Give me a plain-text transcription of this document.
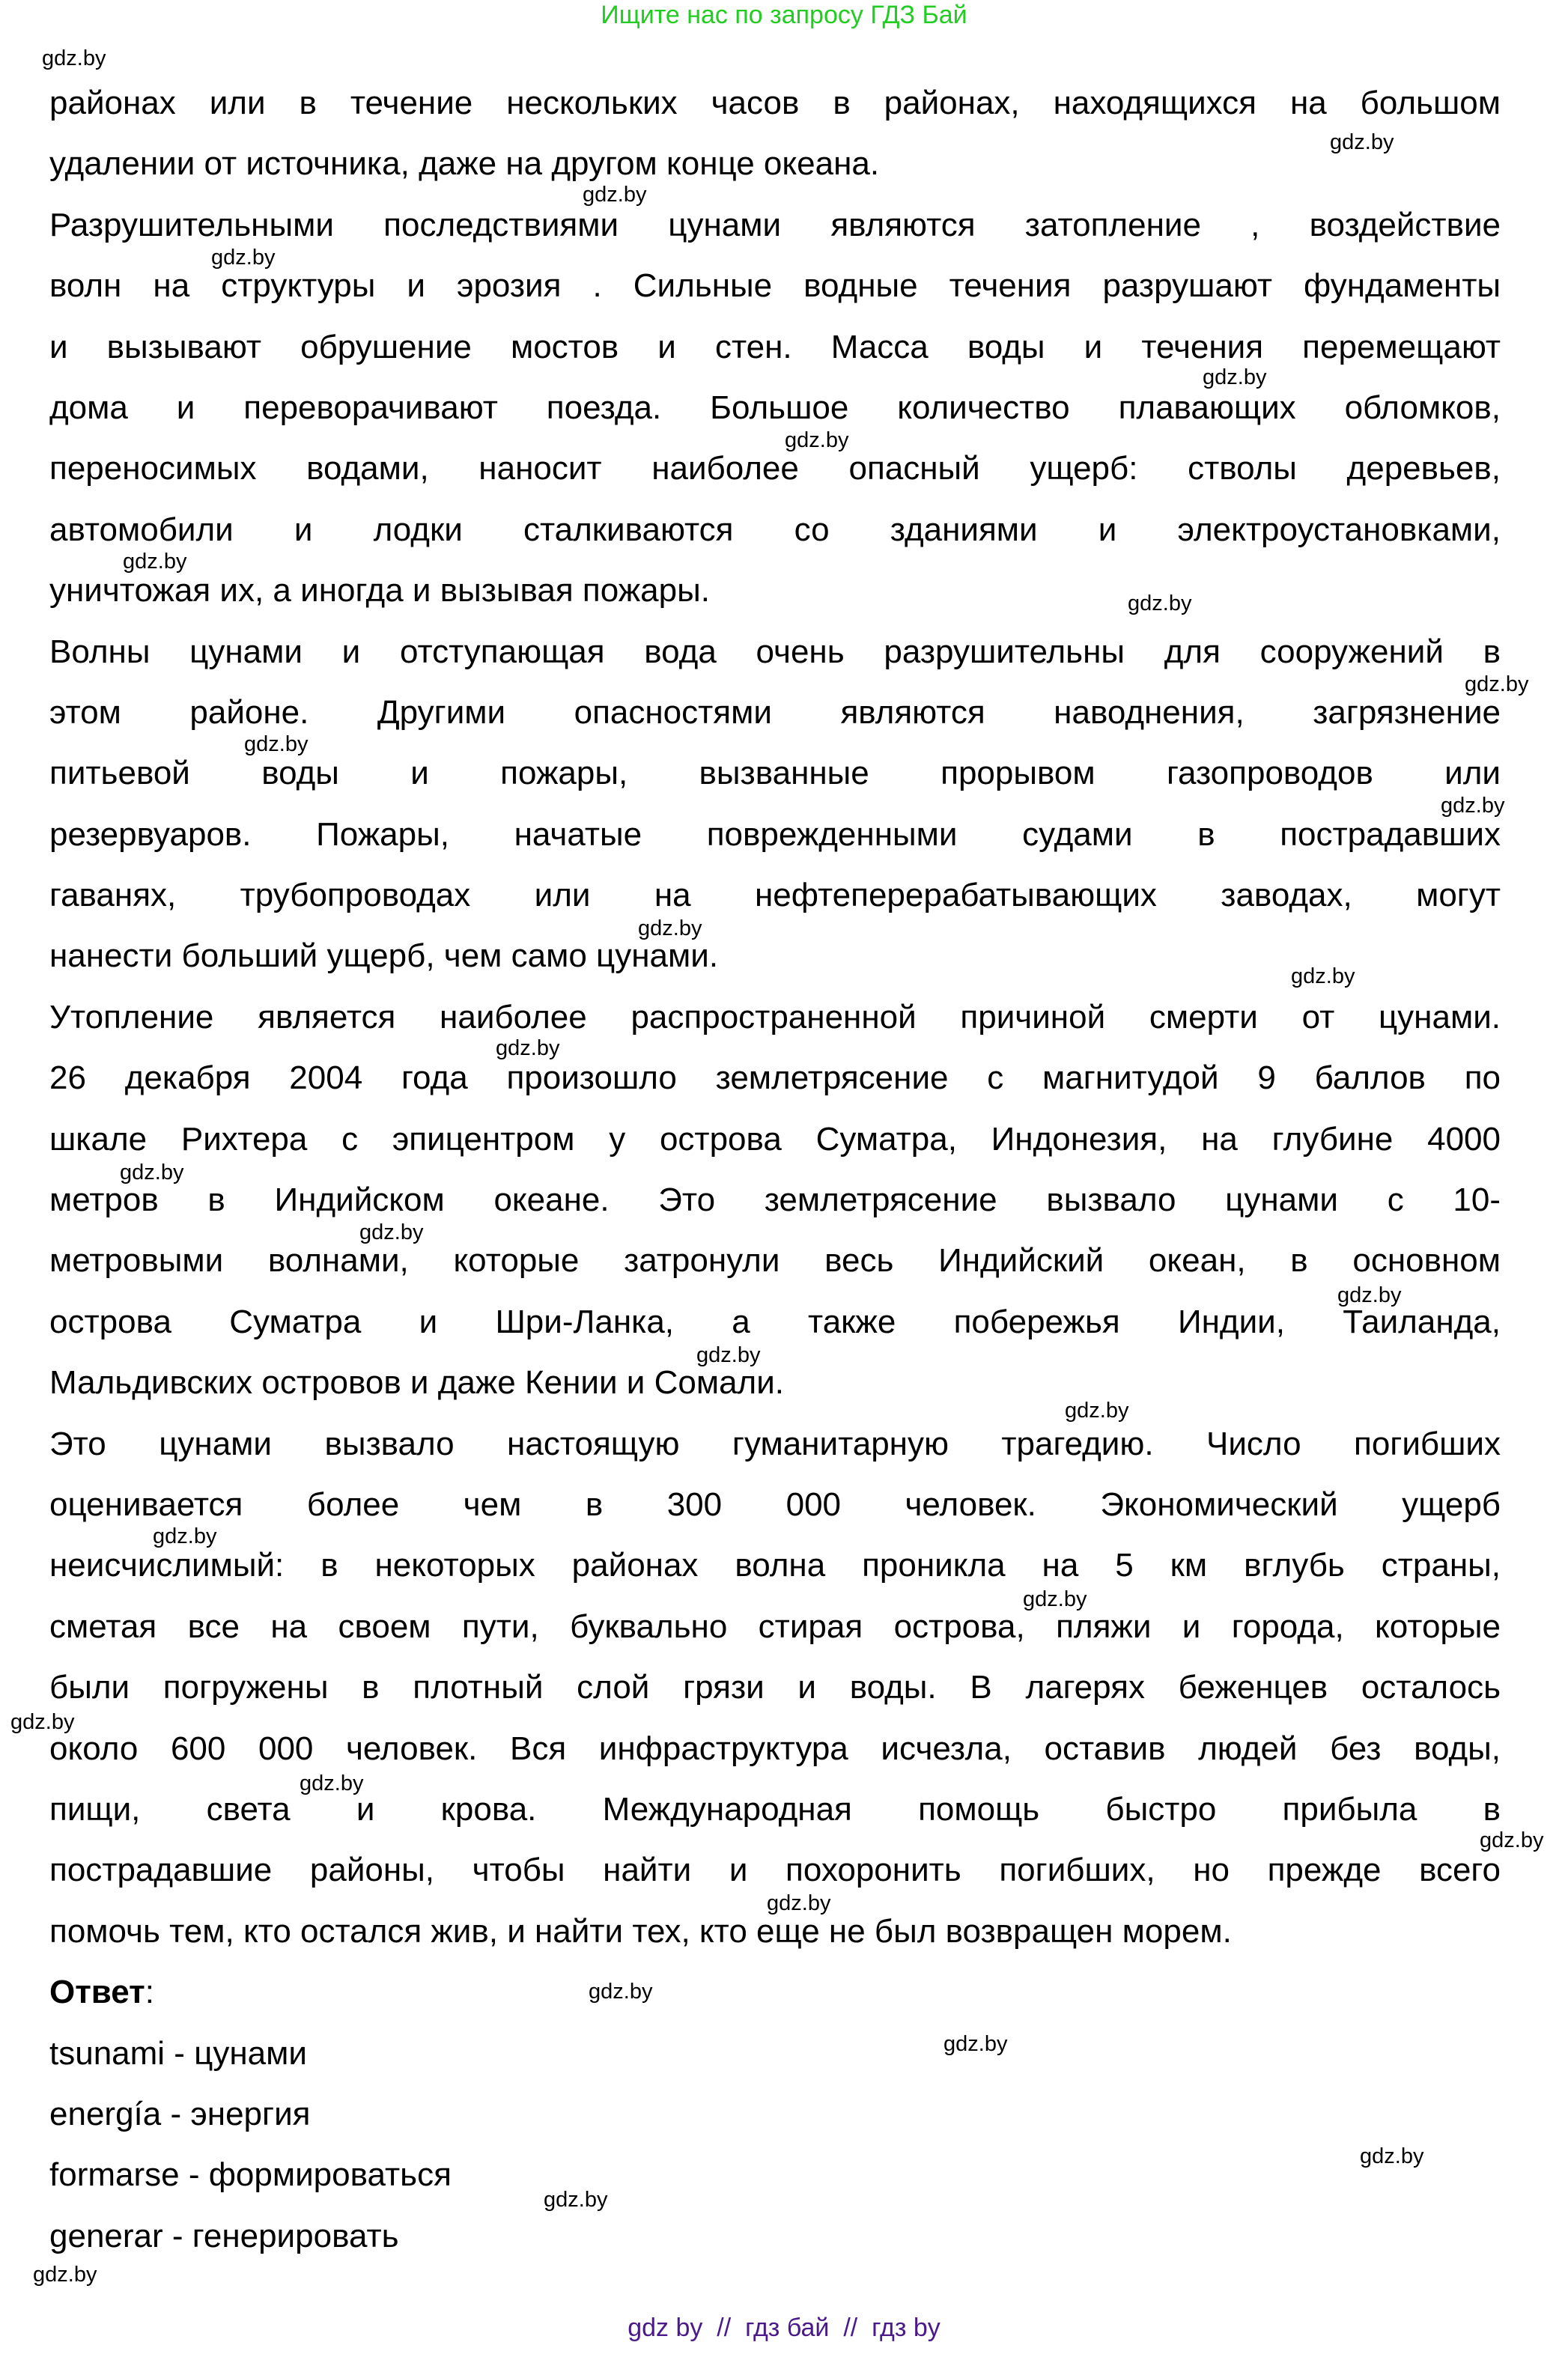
Ищите нас по запросу ГДЗ Бай
районах или в течение нескольких часов в районах, находящихся на большом
удалении от источника, даже на другом конце океана.
Разрушительными последствиями цунами являются затопление , воздействие
волн на структуры и эрозия . Сильные водные течения разрушают фундаменты
и вызывают обрушение мостов и стен. Масса воды и течения перемещают
дома и переворачивают поезда. Большое количество плавающих обломков,
переносимых водами, наносит наиболее опасный ущерб: стволы деревьев,
автомобили и лодки сталкиваются со зданиями и электроустановками,
уничтожая их, а иногда и вызывая пожары.
Волны цунами и отступающая вода очень разрушительны для сооружений в
этом районе. Другими опасностями являются наводнения, загрязнение
питьевой воды и пожары, вызванные прорывом газопроводов или
резервуаров. Пожары, начатые поврежденными судами в пострадавших
гаванях, трубопроводах или на нефтеперерабатывающих заводах, могут
нанести больший ущерб, чем само цунами.
Утопление является наиболее распространенной причиной смерти от цунами.
26 декабря 2004 года произошло землетрясение с магнитудой 9 баллов по
шкале Рихтера с эпицентром у острова Суматра, Индонезия, на глубине 4000
метров в Индийском океане. Это землетрясение вызвало цунами с 10-
метровыми волнами, которые затронули весь Индийский океан, в основном
острова Суматра и Шри-Ланка, а также побережья Индии, Таиланда,
Мальдивских островов и даже Кении и Сомали.
Это цунами вызвало настоящую гуманитарную трагедию. Число погибших
оценивается более чем в 300 000 человек. Экономический ущерб
неисчислимый: в некоторых районах волна проникла на 5 км вглубь страны,
сметая все на своем пути, буквально стирая острова, пляжи и города, которые
были погружены в плотный слой грязи и воды. В лагерях беженцев осталось
около 600 000 человек. Вся инфраструктура исчезла, оставив людей без воды,
пищи, света и крова. Международная помощь быстро прибыла в
пострадавшие районы, чтобы найти и похоронить погибших, но прежде всего
помочь тем, кто остался жив, и найти тех, кто еще не был возвращен морем.
Ответ:
tsunami - цунами
energía - энергия
formarse - формироваться
generar - генерировать
gdz.by
gdz.by
gdz.by
gdz.by
gdz.by
gdz.by
gdz.by
gdz.by
gdz.by
gdz.by
gdz.by
gdz.by
gdz.by
gdz.by
gdz.by
gdz.by
gdz.by
gdz.by
gdz.by
gdz.by
gdz.by
gdz.by
gdz.by
gdz.by
gdz.by
gdz.by
gdz.by
gdz.by
gdz.by
gdz.by
gdz by  //  гдз бай  //  гдз by
